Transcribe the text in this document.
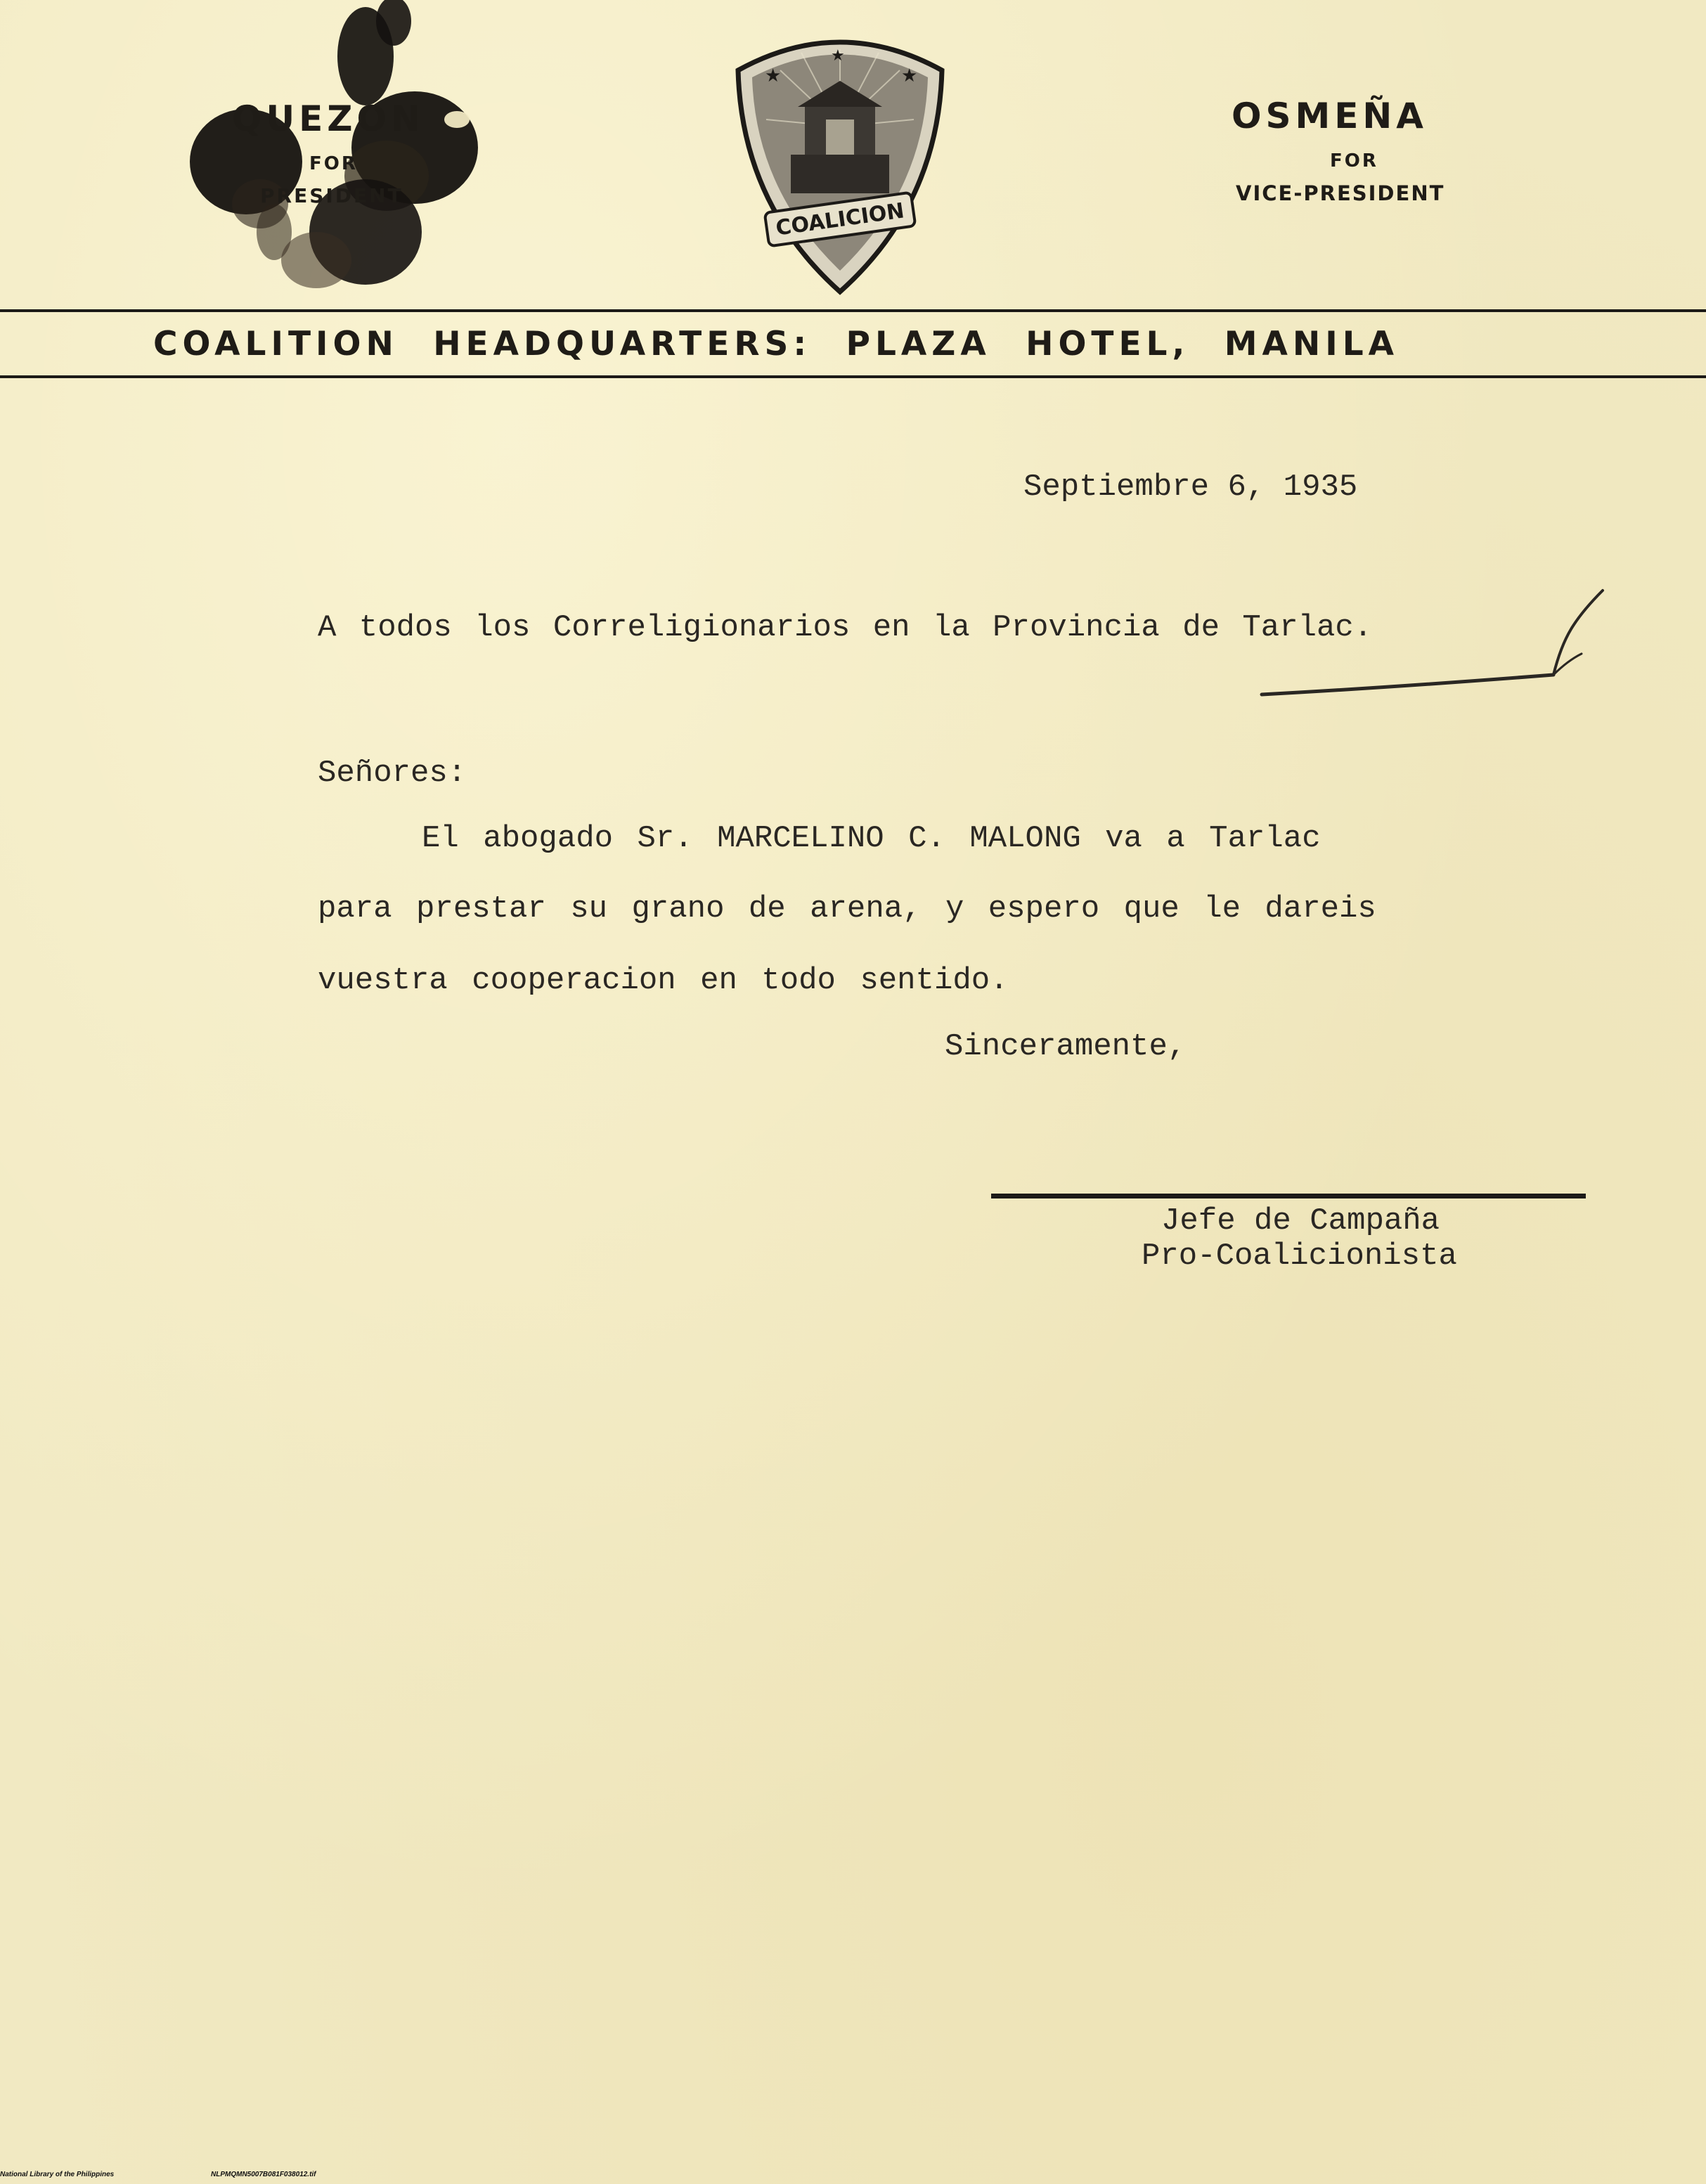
QUEZON
FOR
PRESIDENT
★	★
★
COALICION
OSMEÑA
FOR
VICE-PRESIDENT
COALITION HEADQUARTERS: PLAZA HOTEL, MANILA
Septiembre 6, 1935
A todos los Correligionarios en la Provincia de Tarlac.
Señores:
El abogado Sr. MARCELINO C. MALONG va a Tarlac
para prestar su grano de arena, y espero que le dareis
vuestra cooperacion en todo sentido.
Sinceramente,
Jefe de Campaña
Pro-Coalicionista
National Library of the Philippines	NLPMQMN5007B081F038012.tif
